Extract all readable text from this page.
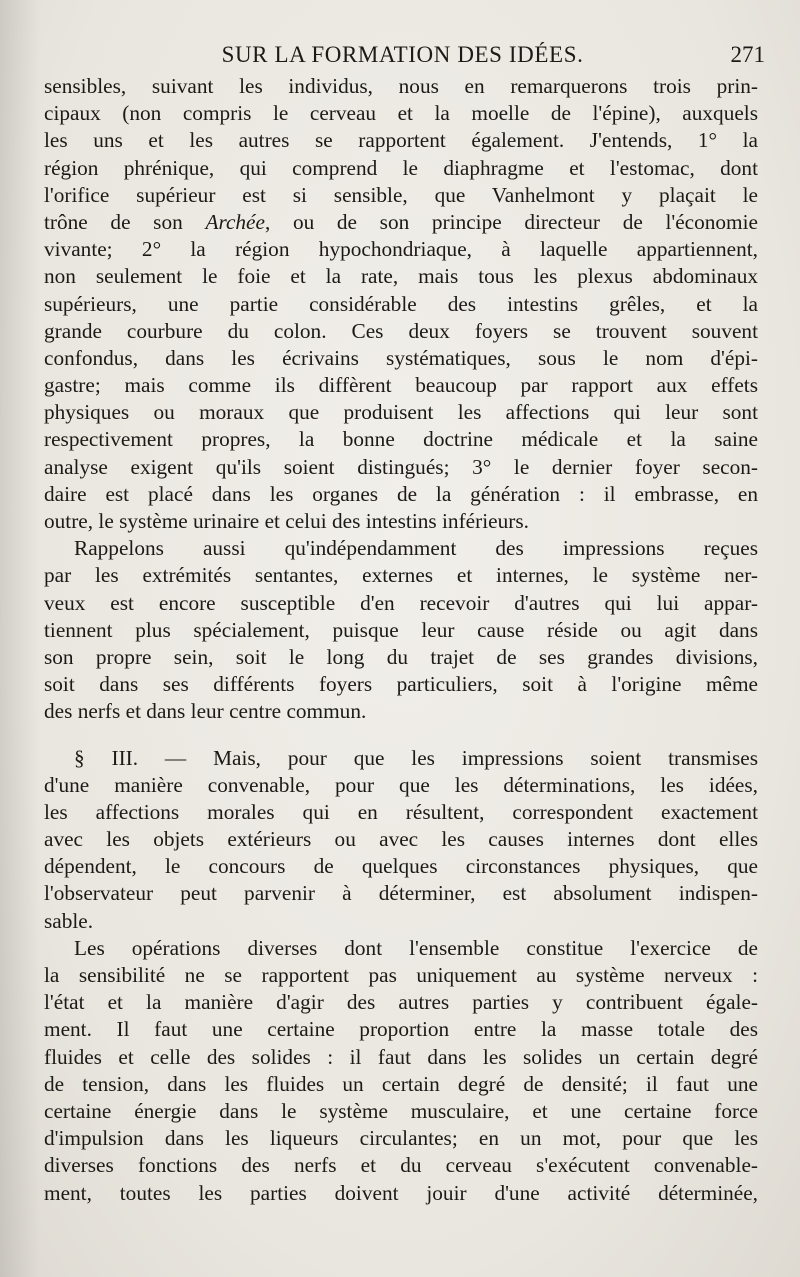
SUR LA FORMATION DES IDÉES.	271
sensibles, suivant les individus, nous en remarquerons trois prin-
cipaux (non compris le cerveau et la moelle de l'épine), auxquels
les uns et les autres se rapportent également. J'entends, 1° la
région phrénique, qui comprend le diaphragme et l'estomac, dont
l'orifice supérieur est si sensible, que Vanhelmont y plaçait le
trône de son Archée, ou de son principe directeur de l'économie
vivante; 2° la région hypochondriaque, à laquelle appartiennent,
non seulement le foie et la rate, mais tous les plexus abdominaux
supérieurs, une partie considérable des intestins grêles, et la
grande courbure du colon. Ces deux foyers se trouvent souvent
confondus, dans les écrivains systématiques, sous le nom d'épi-
gastre; mais comme ils diffèrent beaucoup par rapport aux effets
physiques ou moraux que produisent les affections qui leur sont
respectivement propres, la bonne doctrine médicale et la saine
analyse exigent qu'ils soient distingués; 3° le dernier foyer secon-
daire est placé dans les organes de la génération : il embrasse, en
outre, le système urinaire et celui des intestins inférieurs.
Rappelons aussi qu'indépendamment des impressions reçues
par les extrémités sentantes, externes et internes, le système ner-
veux est encore susceptible d'en recevoir d'autres qui lui appar-
tiennent plus spécialement, puisque leur cause réside ou agit dans
son propre sein, soit le long du trajet de ses grandes divisions,
soit dans ses différents foyers particuliers, soit à l'origine même
des nerfs et dans leur centre commun.
§ III. — Mais, pour que les impressions soient transmises
d'une manière convenable, pour que les déterminations, les idées,
les affections morales qui en résultent, correspondent exactement
avec les objets extérieurs ou avec les causes internes dont elles
dépendent, le concours de quelques circonstances physiques, que
l'observateur peut parvenir à déterminer, est absolument indispen-
sable.
Les opérations diverses dont l'ensemble constitue l'exercice de
la sensibilité ne se rapportent pas uniquement au système nerveux :
l'état et la manière d'agir des autres parties y contribuent égale-
ment. Il faut une certaine proportion entre la masse totale des
fluides et celle des solides : il faut dans les solides un certain degré
de tension, dans les fluides un certain degré de densité; il faut une
certaine énergie dans le système musculaire, et une certaine force
d'impulsion dans les liqueurs circulantes; en un mot, pour que les
diverses fonctions des nerfs et du cerveau s'exécutent convenable-
ment, toutes les parties doivent jouir d'une activité déterminée,
